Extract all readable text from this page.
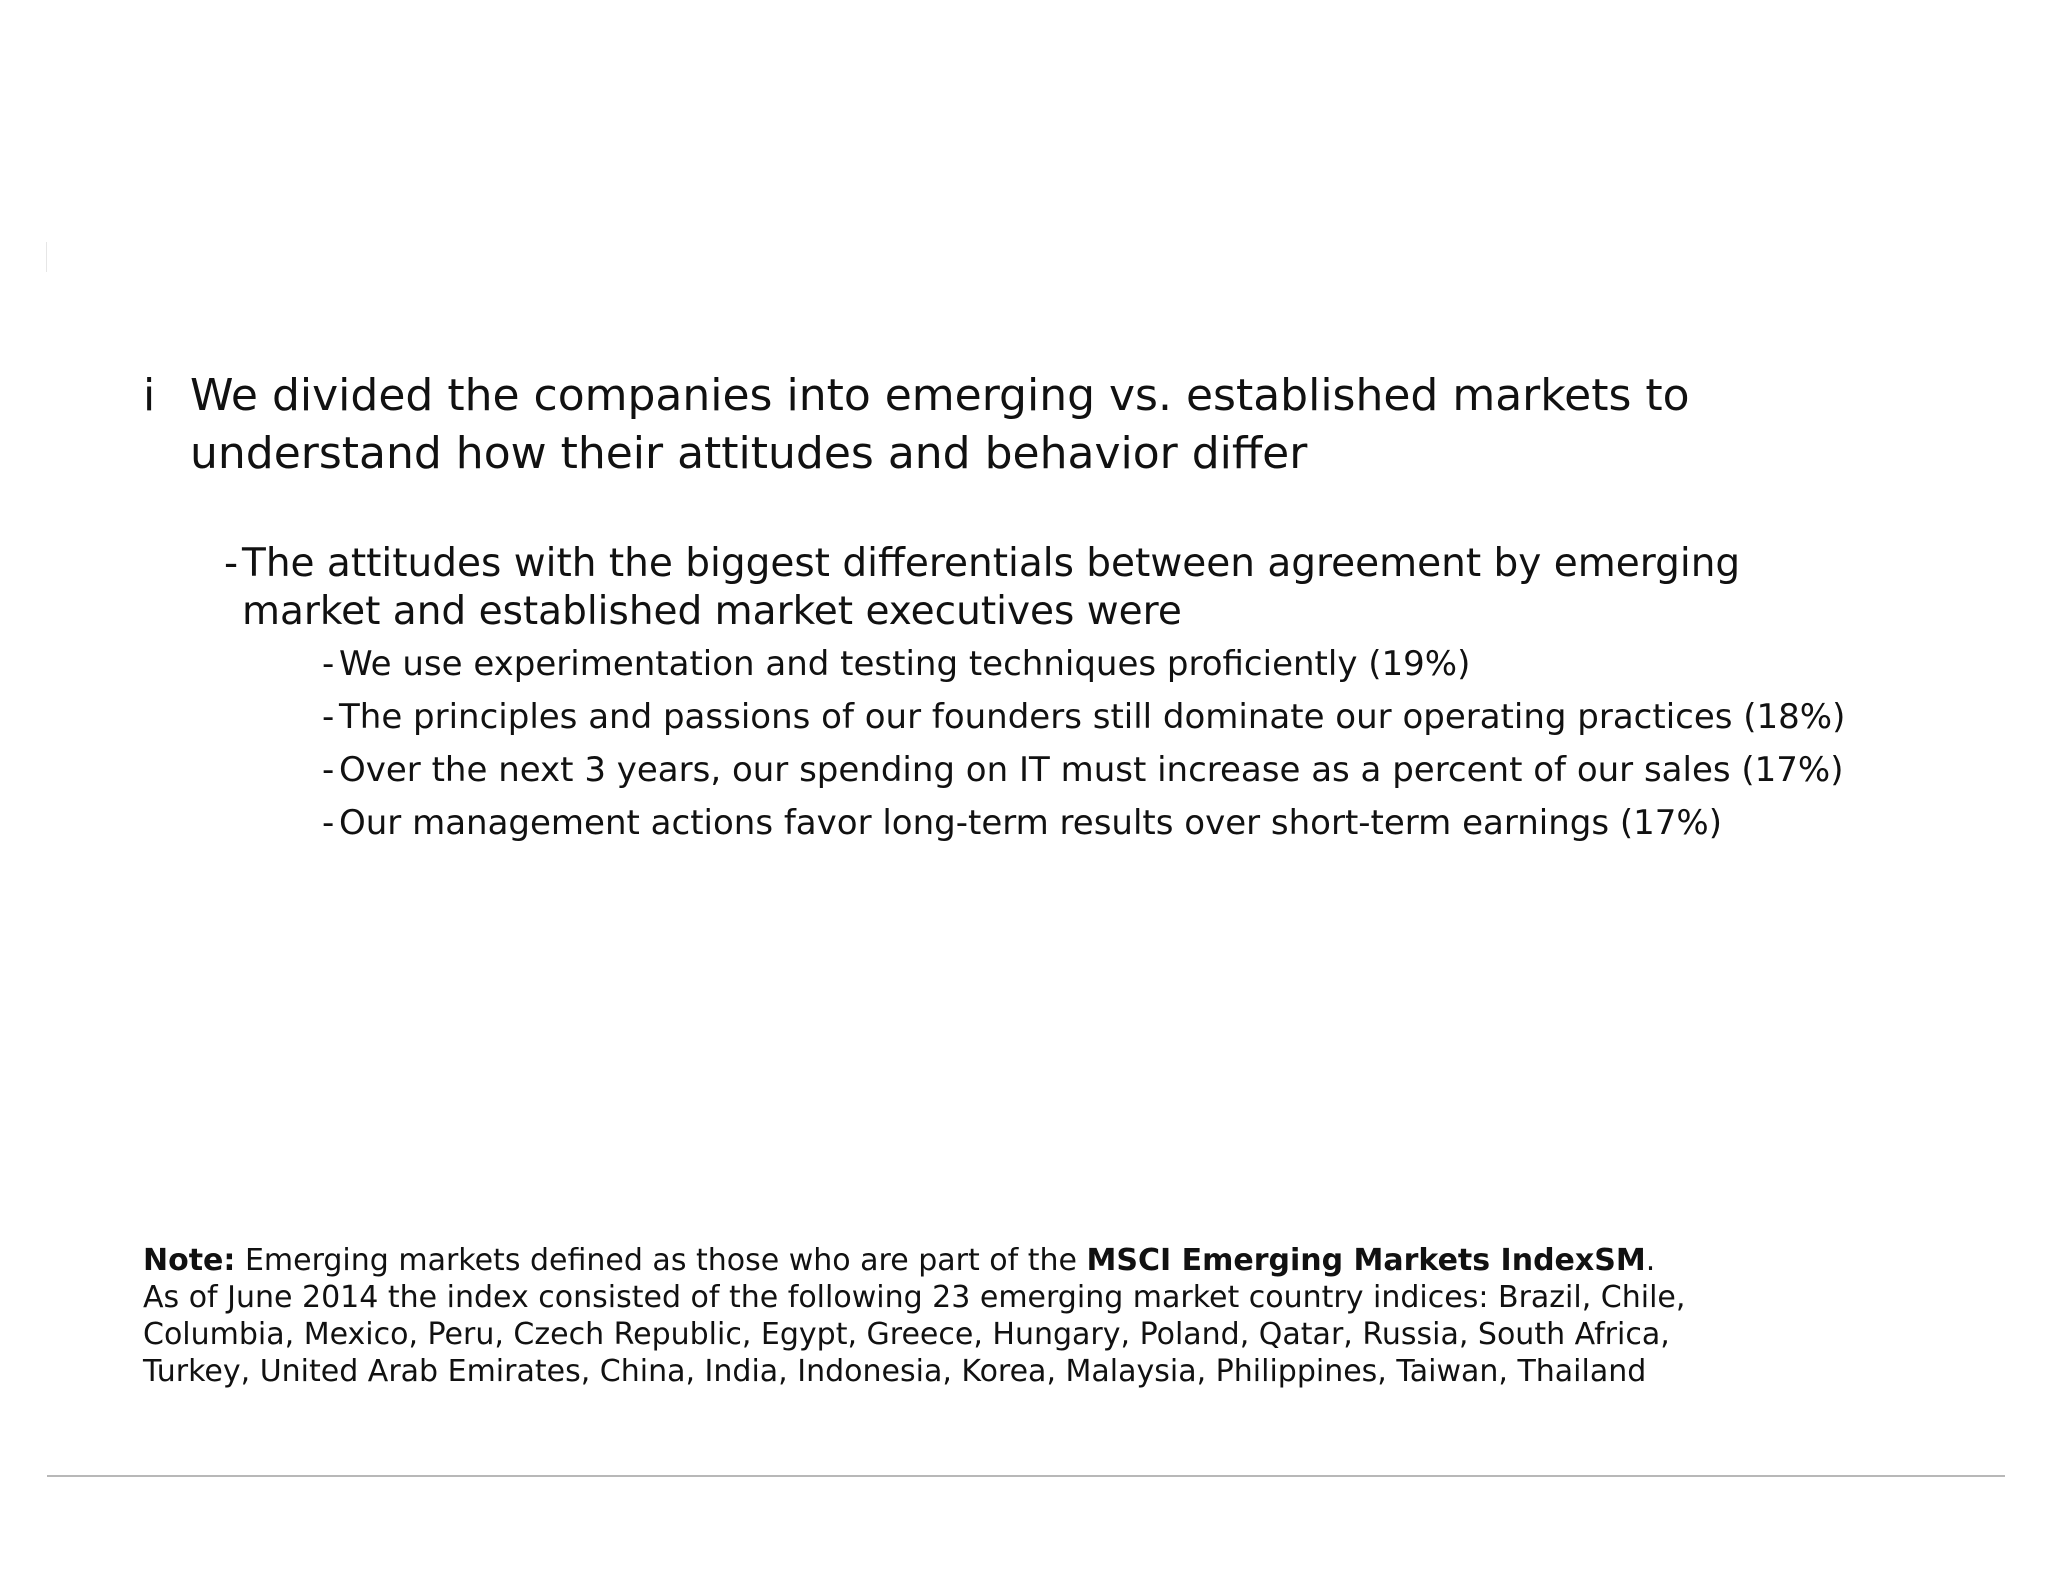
i We divided the companies into emerging vs. established markets to understand how their attitudes and behavior differ
- The attitudes with the biggest differentials between agreement by emerging market and established market executives were
- We use experimentation and testing techniques proficiently (19%)
- The principles and passions of our founders still dominate our operating practices (18%)
- Over the next 3 years, our spending on IT must increase as a percent of our sales (17%)
- Our management actions favor long-term results over short-term earnings (17%)
Note: Emerging markets defined as those who are part of the MSCI Emerging Markets IndexSM.
As of June 2014 the index consisted of the following 23 emerging market country indices: Brazil, Chile, Columbia, Mexico, Peru, Czech Republic, Egypt, Greece, Hungary, Poland, Qatar, Russia, South Africa, Turkey, United Arab Emirates, China, India, Indonesia, Korea, Malaysia, Philippines, Taiwan, Thailand
